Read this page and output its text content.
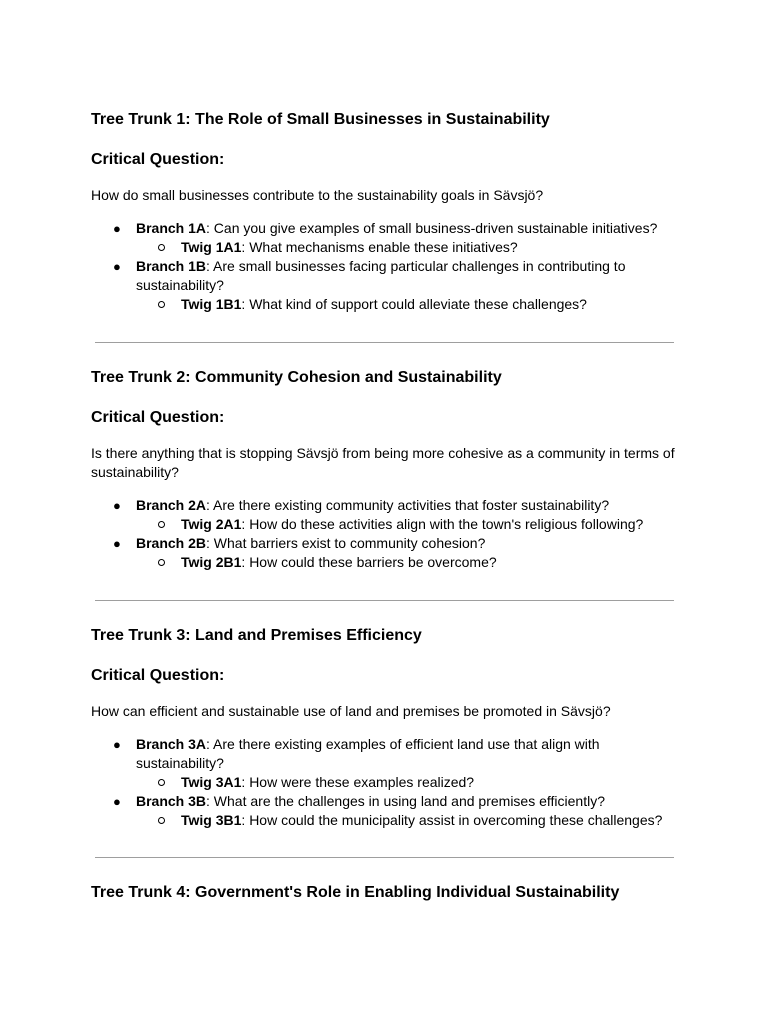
Tree Trunk 1: The Role of Small Businesses in Sustainability
Critical Question:

How do small businesses contribute to the sustainability goals in Sävsjö?

● Branch 1A: Can you give examples of small business-driven sustainable initiatives?
Twig 1A1: What mechanisms enable these initiatives?
● Branch 1B: Are small businesses facing particular challenges in contributing to sustainability?
Twig 1B1: What kind of support could alleviate these challenges?
Tree Trunk 2: Community Cohesion and Sustainability
Critical Question:

Is there anything that is stopping Sävsjö from being more cohesive as a community in terms of sustainability?

● Branch 2A: Are there existing community activities that foster sustainability?
Twig 2A1: How do these activities align with the town's religious following?
● Branch 2B: What barriers exist to community cohesion?
Twig 2B1: How could these barriers be overcome?
Tree Trunk 3: Land and Premises Efficiency
Critical Question:

How can efficient and sustainable use of land and premises be promoted in Sävsjö?

● Branch 3A: Are there existing examples of efficient land use that align with sustainability?
Twig 3A1: How were these examples realized?
● Branch 3B: What are the challenges in using land and premises efficiently?
Twig 3B1: How could the municipality assist in overcoming these challenges?
Tree Trunk 4: Government's Role in Enabling Individual Sustainability
